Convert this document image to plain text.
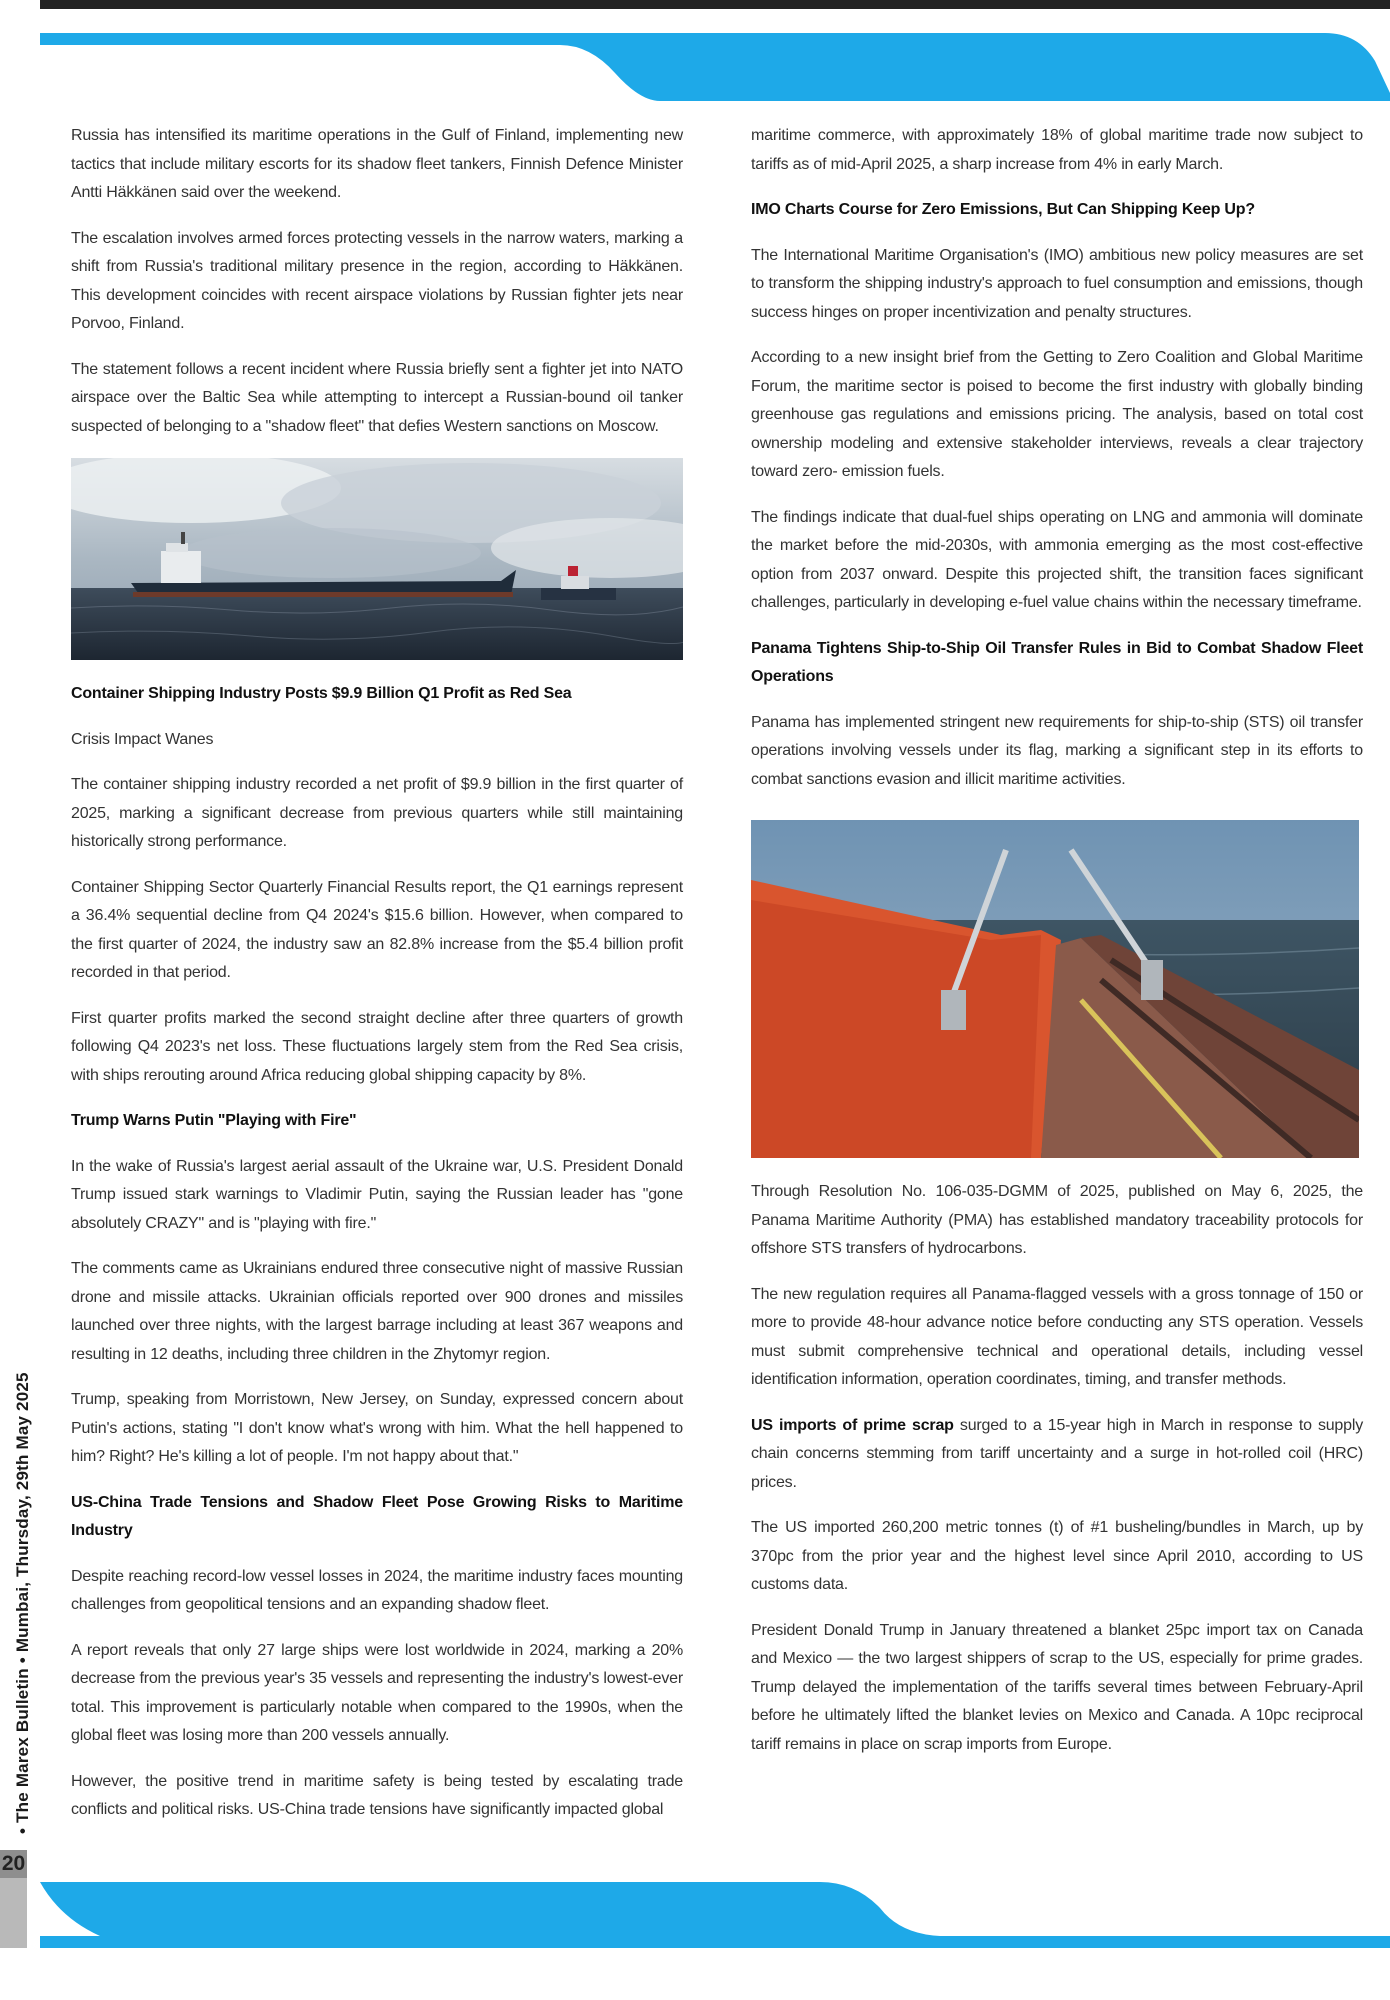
20
• The Marex Bulletin • Mumbai, Thursday, 29th May 2025

Russia has intensified its maritime operations in the Gulf of Finland, implementing new tactics that include military escorts for its shadow fleet tankers, Finnish Defence Minister Antti Häkkänen said over the weekend.

The escalation involves armed forces protecting vessels in the narrow waters, marking a shift from Russia's traditional military presence in the region, according to Häkkänen. This development coincides with recent airspace violations by Russian fighter jets near Porvoo, Finland.

The statement follows a recent incident where Russia briefly sent a fighter jet into NATO airspace over the Baltic Sea while attempting to intercept a Russian-bound oil tanker suspected of belonging to a "shadow fleet" that defies Western sanctions on Moscow.

Container Shipping Industry Posts $9.9 Billion Q1 Profit as Red Sea

Crisis Impact Wanes

The container shipping industry recorded a net profit of $9.9 billion in the first quarter of 2025, marking a significant decrease from previous quarters while still maintaining historically strong performance.

Container Shipping Sector Quarterly Financial Results report, the Q1 earnings represent a 36.4% sequential decline from Q4 2024's $15.6 billion. However, when compared to the first quarter of 2024, the industry saw an 82.8% increase from the $5.4 billion profit recorded in that period.

First quarter profits marked the second straight decline after three quarters of growth following Q4 2023's net loss. These fluctuations largely stem from the Red Sea crisis, with ships rerouting around Africa reducing global shipping capacity by 8%.

Trump Warns Putin "Playing with Fire"

In the wake of Russia's largest aerial assault of the Ukraine war, U.S. President Donald Trump issued stark warnings to Vladimir Putin, saying the Russian leader has "gone absolutely CRAZY" and is "playing with fire."

The comments came as Ukrainians endured three consecutive night of massive Russian drone and missile attacks. Ukrainian officials reported over 900 drones and missiles launched over three nights, with the largest barrage including at least 367 weapons and resulting in 12 deaths, including three children in the Zhytomyr region.

Trump, speaking from Morristown, New Jersey, on Sunday, expressed concern about Putin's actions, stating "I don't know what's wrong with him. What the hell happened to him? Right? He's killing a lot of people. I'm not happy about that."

US-China Trade Tensions and Shadow Fleet Pose Growing Risks to Maritime Industry

Despite reaching record-low vessel losses in 2024, the maritime industry faces mounting challenges from geopolitical tensions and an expanding shadow fleet.

A report reveals that only 27 large ships were lost worldwide in 2024, marking a 20% decrease from the previous year's 35 vessels and representing the industry's lowest-ever total. This improvement is particularly notable when compared to the 1990s, when the global fleet was losing more than 200 vessels annually.

However, the positive trend in maritime safety is being tested by escalating trade conflicts and political risks. US-China trade tensions have significantly impacted global

maritime commerce, with approximately 18% of global maritime trade now subject to tariffs as of mid-April 2025, a sharp increase from 4% in early March.

IMO Charts Course for Zero Emissions, But Can Shipping Keep Up?

The International Maritime Organisation's (IMO) ambitious new policy measures are set to transform the shipping industry's approach to fuel consumption and emissions, though success hinges on proper incentivization and penalty structures.

According to a new insight brief from the Getting to Zero Coalition and Global Maritime Forum, the maritime sector is poised to become the first industry with globally binding greenhouse gas regulations and emissions pricing. The analysis, based on total cost ownership modeling and extensive stakeholder interviews, reveals a clear trajectory toward zero- emission fuels.

The findings indicate that dual-fuel ships operating on LNG and ammonia will dominate the market before the mid-2030s, with ammonia emerging as the most cost-effective option from 2037 onward. Despite this projected shift, the transition faces significant challenges, particularly in developing e-fuel value chains within the necessary timeframe.

Panama Tightens Ship-to-Ship Oil Transfer Rules in Bid to Combat Shadow Fleet Operations

Panama has implemented stringent new requirements for ship-to-ship (STS) oil transfer operations involving vessels under its flag, marking a significant step in its efforts to combat sanctions evasion and illicit maritime activities.

Through Resolution No. 106-035-DGMM of 2025, published on May 6, 2025, the Panama Maritime Authority (PMA) has established mandatory traceability protocols for offshore STS transfers of hydrocarbons.

The new regulation requires all Panama-flagged vessels with a gross tonnage of 150 or more to provide 48-hour advance notice before conducting any STS operation. Vessels must submit comprehensive technical and operational details, including vessel identification information, operation coordinates, timing, and transfer methods.

US imports of prime scrap surged to a 15-year high in March in response to supply chain concerns stemming from tariff uncertainty and a surge in hot-rolled coil (HRC) prices.

The US imported 260,200 metric tonnes (t) of #1 busheling/bundles in March, up by 370pc from the prior year and the highest level since April 2010, according to US customs data.

President Donald Trump in January threatened a blanket 25pc import tax on Canada and Mexico — the two largest shippers of scrap to the US, especially for prime grades. Trump delayed the implementation of the tariffs several times between February-April before he ultimately lifted the blanket levies on Mexico and Canada. A 10pc reciprocal tariff remains in place on scrap imports from Europe.
